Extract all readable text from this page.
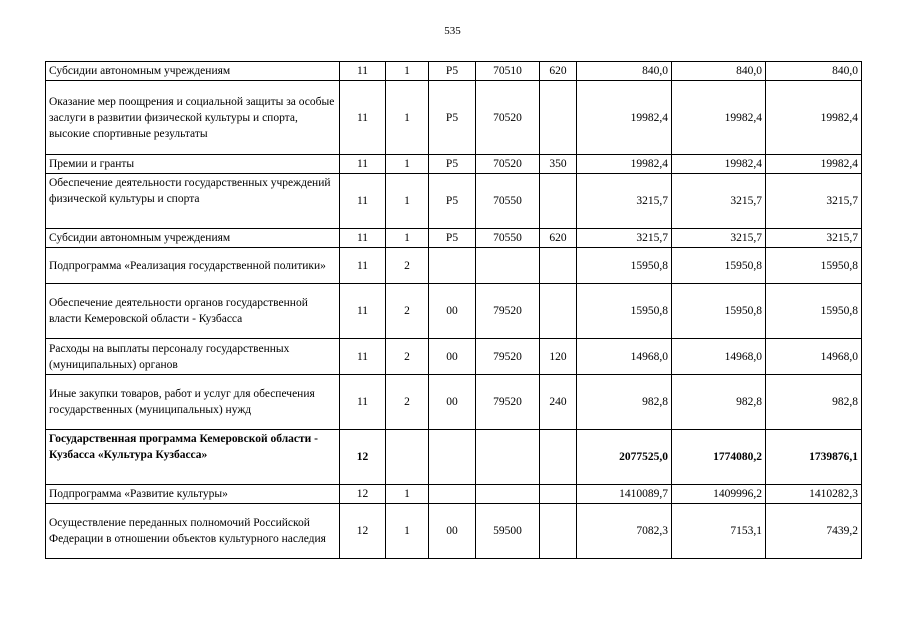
535
Субсидии автономным учреждениям	11	1	Р5	70510	620	840,0	840,0	840,0
Оказание мер поощрения и социальной защиты за особые заслуги в развитии физической культуры и спорта, высокие спортивные результаты	11	1	Р5	70520		19982,4	19982,4	19982,4
Премии и гранты	11	1	Р5	70520	350	19982,4	19982,4	19982,4
Обеспечение деятельности государственных учреждений физической культуры и спорта	11	1	Р5	70550		3215,7	3215,7	3215,7
Субсидии автономным учреждениям	11	1	Р5	70550	620	3215,7	3215,7	3215,7
Подпрограмма «Реализация государственной политики»	11	2				15950,8	15950,8	15950,8
Обеспечение деятельности органов государственной власти Кемеровской области - Кузбасса	11	2	00	79520		15950,8	15950,8	15950,8
Расходы на выплаты персоналу государственных (муниципальных) органов	11	2	00	79520	120	14968,0	14968,0	14968,0
Иные закупки товаров, работ и услуг для обеспечения государственных (муниципальных) нужд	11	2	00	79520	240	982,8	982,8	982,8
Государственная программа Кемеровской области - Кузбасса «Культура Кузбасса»	12					2077525,0	1774080,2	1739876,1
Подпрограмма «Развитие культуры»	12	1				1410089,7	1409996,2	1410282,3
Осуществление переданных полномочий Российской Федерации в отношении объектов культурного наследия	12	1	00	59500		7082,3	7153,1	7439,2
